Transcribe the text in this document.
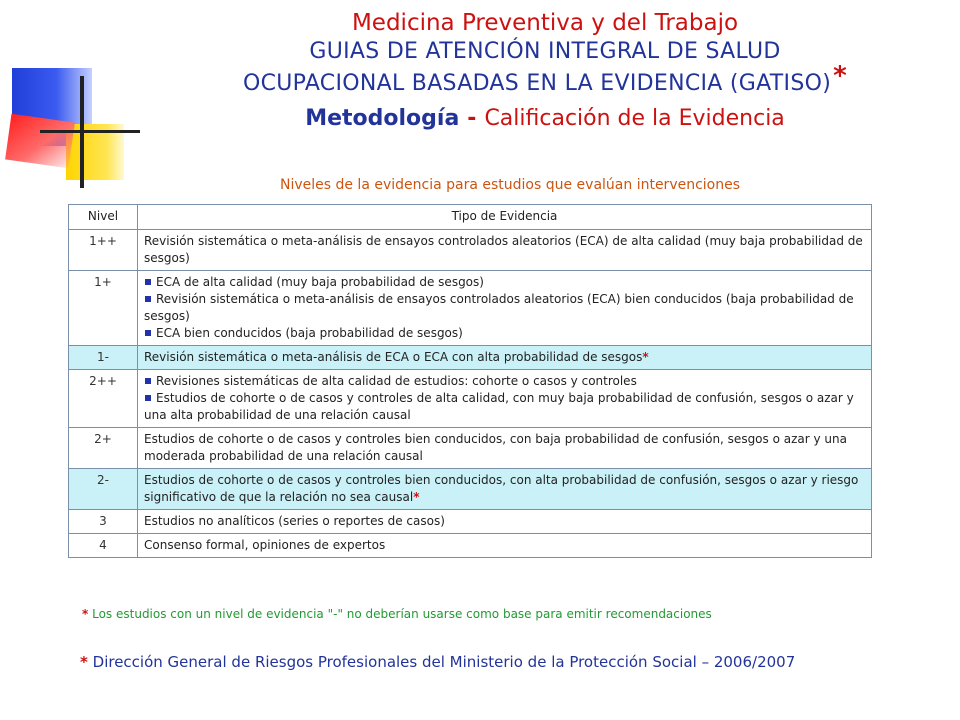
Medicina Preventiva y del Trabajo
GUIAS DE ATENCIÓN INTEGRAL DE SALUD
OCUPACIONAL BASADAS EN LA EVIDENCIA (GATISO)*
Metodología - Calificación de la Evidencia
Niveles de la evidencia para estudios que evalúan intervenciones
Nivel	Tipo de Evidencia
1++	Revisión sistemática o meta-análisis de ensayos controlados aleatorios (ECA) de alta calidad (muy baja probabilidad de sesgos)
1+	ECA de alta calidad (muy baja probabilidad de sesgos)
Revisión sistemática o meta-análisis de ensayos controlados aleatorios (ECA) bien conducidos (baja probabilidad de sesgos)
ECA bien conducidos (baja probabilidad de sesgos)

1-	Revisión sistemática o meta-análisis de ECA o ECA con alta probabilidad de sesgos*
2++	Revisiones sistemáticas de alta calidad de estudios: cohorte o casos y controles
Estudios de cohorte o de casos y controles de alta calidad, con muy baja probabilidad de confusión, sesgos o azar y una alta probabilidad de una relación causal

2+	Estudios de cohorte o de casos y controles bien conducidos, con baja probabilidad de confusión, sesgos o azar y una moderada probabilidad de una relación causal
2-	Estudios de cohorte o de casos y controles bien conducidos, con alta probabilidad de confusión, sesgos o azar y riesgo significativo de que la relación no sea causal*
3	Estudios no analíticos (series o reportes de casos)
4	Consenso formal, opiniones de expertos
* Los estudios con un nivel de evidencia "-" no deberían usarse como base para emitir recomendaciones
* Dirección General de Riesgos Profesionales del Ministerio de la Protección Social – 2006/2007
